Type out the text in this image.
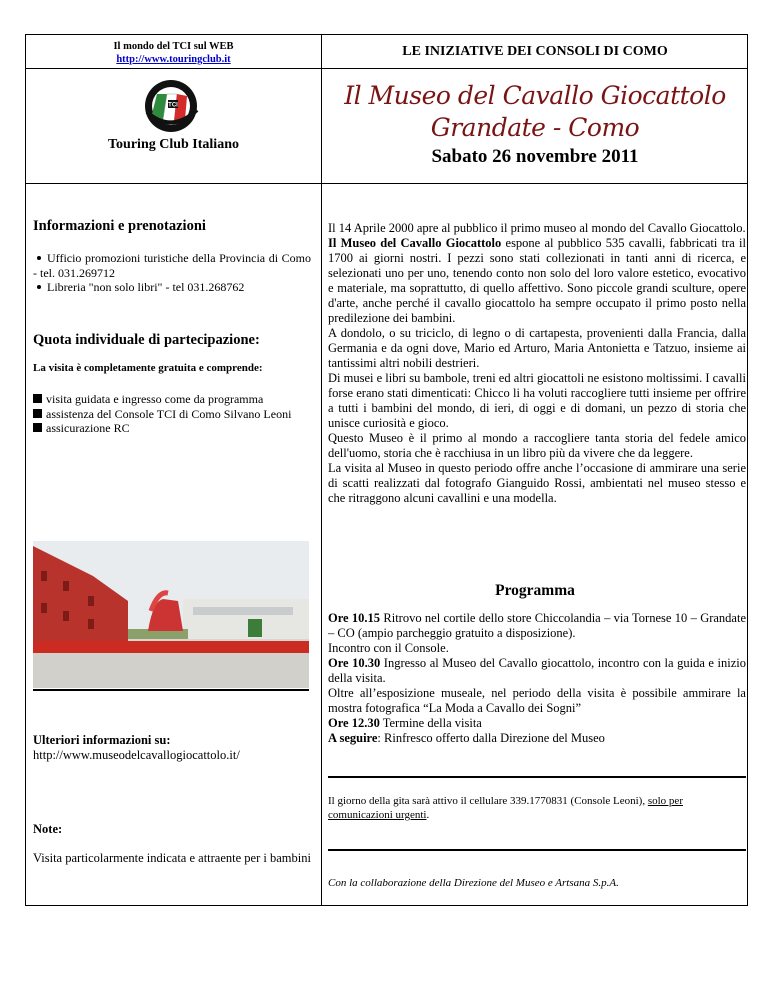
Il mondo del TCI sul WEB
http://www.touringclub.it
LE INIZIATIVE DEI CONSOLI DI COMO
TCI
Touring Club Italiano
Il Museo del Cavallo Giocattolo
Grandate - Como
Sabato 26 novembre 2011
Informazioni e prenotazioni
Ufficio promozioni turistiche della Provincia di Como - tel. 031.269712
Libreria "non solo libri" - tel 031.268762
Quota individuale di partecipazione:
La visita è completamente gratuita e comprende:
visita guidata e ingresso come da programma
assistenza del Console TCI di Como Silvano Leoni
assicurazione RC
Ulteriori informazioni su:
http://www.museodelcavallogiocattolo.it/
Note:
Visita particolarmente indicata e attraente per i bambini
Il 14 Aprile 2000 apre al pubblico il primo museo al mondo del Cavallo Giocattolo.
Il Museo del Cavallo Giocattolo espone al pubblico 535 cavalli, fabbricati tra il 1700 ai giorni nostri. I pezzi sono stati collezionati in tanti anni di ricerca, e selezionati uno per uno, tenendo conto non solo del loro valore estetico, evocativo e materiale, ma soprattutto, di quello affettivo. Sono piccole grandi sculture, opere d'arte, anche perché il cavallo giocattolo ha sempre occupato il primo posto nella predilezione dei bambini.
A dondolo, o su triciclo, di legno o di cartapesta, provenienti dalla Francia, dalla Germania e da ogni dove, Mario ed Arturo, Maria Antonietta e Tatzuo, insieme ai tantissimi altri nobili destrieri.
Di musei e libri su bambole, treni ed altri giocattoli ne esistono moltissimi. I cavalli forse erano stati dimenticati: Chicco li ha voluti raccogliere tutti insieme per offrire a tutti i bambini del mondo, di ieri, di oggi e di domani, un pezzo di storia che unisce curiosità e gioco.
Questo Museo è il primo al mondo a raccogliere tanta storia del fedele amico dell'uomo, storia che è racchiusa in un libro più da vivere che da leggere.
La visita al Museo in questo periodo offre anche l’occasione di ammirare una serie di scatti realizzati dal fotografo Gianguido Rossi, ambientati nel museo stesso e che ritraggono alcuni cavallini e una modella.
Programma
Ore 10.15 Ritrovo nel cortile dello store Chiccolandia – via Tornese 10 – Grandate – CO (ampio parcheggio gratuito a disposizione).
Incontro con il Console.
Ore 10.30 Ingresso al Museo del Cavallo giocattolo, incontro con la guida e inizio della visita.
Oltre all’esposizione museale, nel periodo della visita è possibile ammirare la mostra fotografica “La Moda a Cavallo dei Sogni”
Ore 12.30 Termine della visita
A seguire: Rinfresco offerto dalla Direzione del Museo
Il giorno della gita sarà attivo il cellulare 339.1770831 (Console Leoni), solo per comunicazioni urgenti.
Con la collaborazione della Direzione del Museo e Artsana S.p.A.
